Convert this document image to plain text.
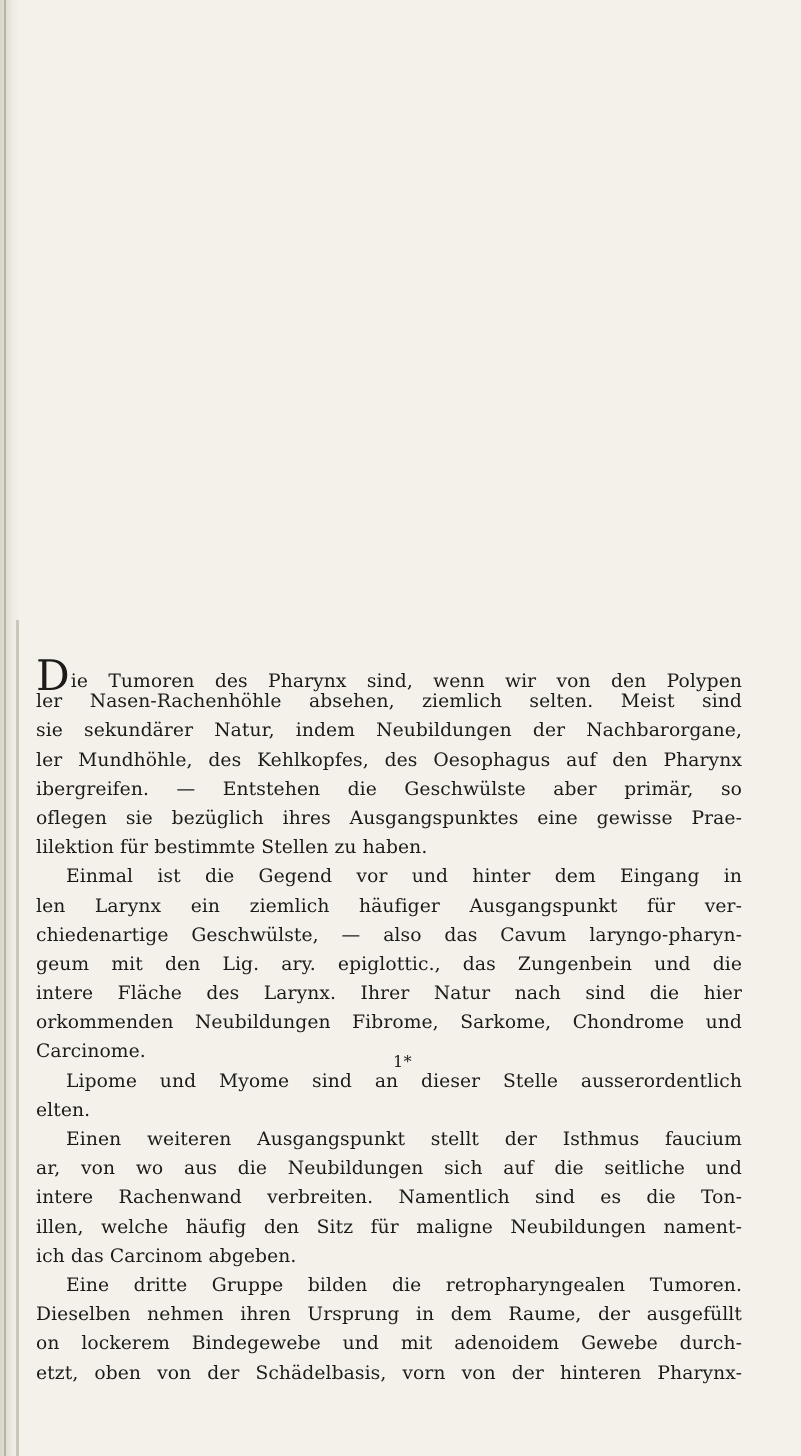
Die Tumoren des Pharynx sind, wenn wir von den Polypen
ler Nasen-Rachenhöhle absehen, ziemlich selten. Meist sind
sie sekundärer Natur, indem Neubildungen der Nachbarorgane,
ler Mundhöhle, des Kehlkopfes, des Oesophagus auf den Pharynx
ibergreifen. — Entstehen die Geschwülste aber primär, so
oflegen sie bezüglich ihres Ausgangspunktes eine gewisse Prae-
lilektion für bestimmte Stellen zu haben.
Einmal ist die Gegend vor und hinter dem Eingang in
len Larynx ein ziemlich häufiger Ausgangspunkt für ver-
chiedenartige Geschwülste, — also das Cavum laryngo-pharyn-
geum mit den Lig. ary. epiglottic., das Zungenbein und die
intere Fläche des Larynx. Ihrer Natur nach sind die hier
orkommenden Neubildungen Fibrome, Sarkome, Chondrome und
Carcinome.
Lipome und Myome sind an dieser Stelle ausserordentlich
elten.
Einen weiteren Ausgangspunkt stellt der Isthmus faucium
ar, von wo aus die Neubildungen sich auf die seitliche und
intere Rachenwand verbreiten. Namentlich sind es die Ton-
illen, welche häufig den Sitz für maligne Neubildungen nament-
ich das Carcinom abgeben.
Eine dritte Gruppe bilden die retropharyngealen Tumoren.
Dieselben nehmen ihren Ursprung in dem Raume, der ausgefüllt
on lockerem Bindegewebe und mit adenoidem Gewebe durch-
etzt, oben von der Schädelbasis, vorn von der hinteren Pharynx-
1*
